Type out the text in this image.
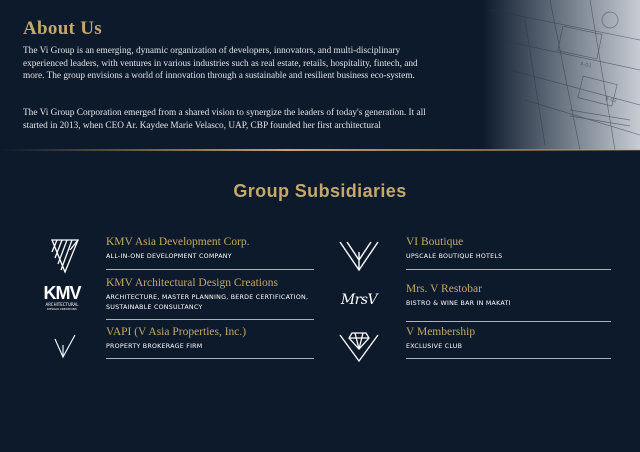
A-01
B-02
About Us

The Vi Group is an emerging, dynamic organization of developers, innovators, and multi-disciplinary experienced leaders, with ventures in various industries such as real estate, retails, hospitality, fintech, and more. The group envisions a world of innovation through a sustainable and resilient business eco-system.

The Vi Group Corporation emerged from a shared vision to synergize the leaders of today's generation. It all started in 2013, when CEO Ar. Kaydee Marie Velasco, UAP, CBP founded her first architectural

Group Subsidiaries
KMV Asia Development Corp.
ALL-IN-ONE DEVELOPMENT COMPANY
KMV
ARCHITECTURAL
DESIGN CREATIONS
KMV Architectural Design Creations
ARCHITECTURE, MASTER PLANNING, BERDE CERTIFICATION, SUSTAINABLE CONSULTANCY
VAPI (V Asia Properties, Inc.)
PROPERTY BROKERAGE FIRM
VI Boutique
UPSCALE BOUTIQUE HOTELS
MrsV
Mrs. V Restobar
BISTRO & WINE BAR IN MAKATI
V Membership
EXCLUSIVE CLUB
